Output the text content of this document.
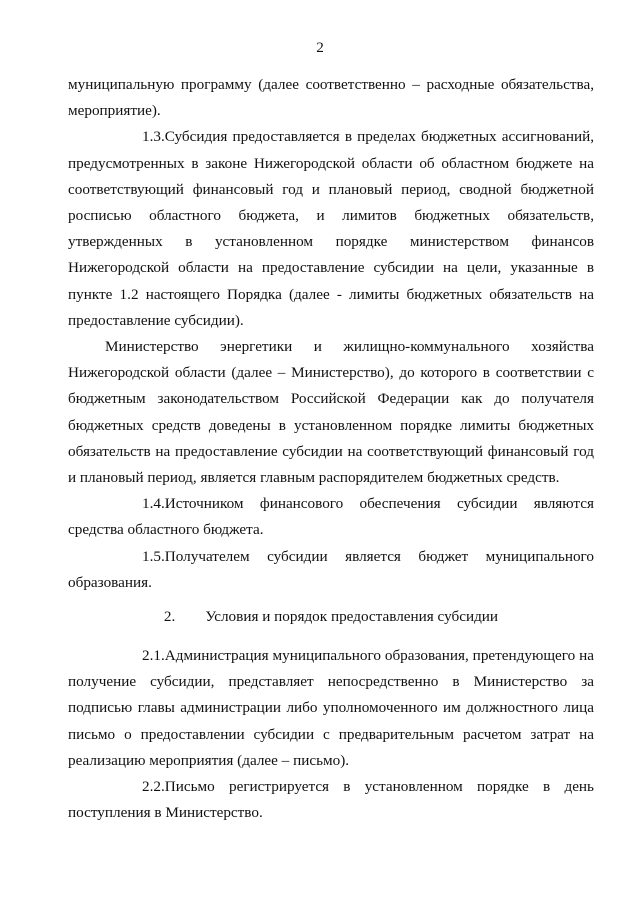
2

муниципальную программу (далее соответственно – расходные обязательства, мероприятие).

1.3.Субсидия предоставляется в пределах бюджетных ассигнований, предусмотренных в законе Нижегородской области об областном бюджете на соответствующий финансовый год и плановый период, сводной бюджетной росписью областного бюджета, и лимитов бюджетных обязательств, утвержденных в установленном порядке министерством финансов Нижегородской области на предоставление субсидии на цели, указанные в пункте 1.2 настоящего Порядка (далее - лимиты бюджетных обязательств на предоставление субсидии).

Министерство энергетики и жилищно-коммунального хозяйства Нижегородской области (далее – Министерство), до которого в соответствии с бюджетным законодательством Российской Федерации как до получателя бюджетных средств доведены в установленном порядке лимиты бюджетных обязательств на предоставление субсидии на соответствующий финансовый год и плановый период, является главным распорядителем бюджетных средств.

1.4.Источником финансового обеспечения субсидии являются средства областного бюджета.

1.5.Получателем субсидии является бюджет муниципального образования.

2. Условия и порядок предоставления субсидии

2.1.Администрация муниципального образования, претендующего на получение субсидии, представляет непосредственно в Министерство за подписью главы администрации либо уполномоченного им должностного лица письмо о предоставлении субсидии с предварительным расчетом затрат на реализацию мероприятия (далее – письмо).

2.2.Письмо регистрируется в установленном порядке в день поступления в Министерство.
